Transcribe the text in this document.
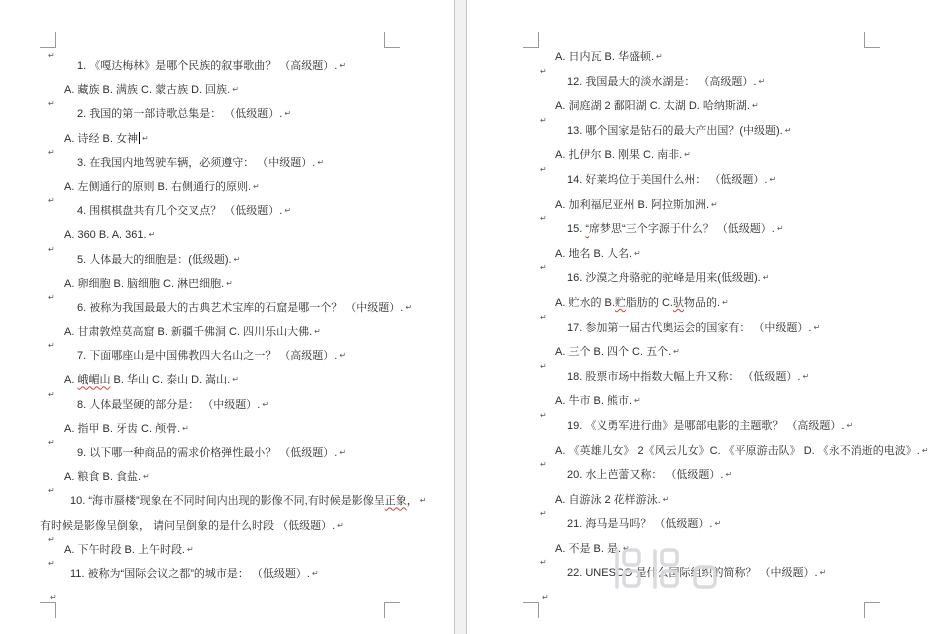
↵
1. 《嘎达梅林》是哪个民族的叙事歌曲？ （高级题）. ↵
A. 藏族 B. 满族 C. 蒙古族 D. 回族. ↵
↵
2. 我国的第一部诗歌总集是： （低级题）. ↵
A. 诗经 B. 女神 ↵
↵
3. 在我国内地驾驶车辆，必须遵守： （中级题）. ↵
A. 左侧通行的原则 B. 右侧通行的原则. ↵
↵
4. 围棋棋盘共有几个交叉点？ （低级题）. ↵
A. 360 B. A. 361. ↵
↵
5. 人体最大的细胞是：(低级题). ↵
A. 卵细胞 B. 脑细胞 C. 淋巴细胞. ↵
↵
6. 被称为我国最最大的古典艺术宝库的石窟是哪一个？ （中级题）. ↵
A. 甘肃敦煌莫高窟 B. 新疆千佛洞 C. 四川乐山大佛. ↵
↵
7. 下面哪座山是中国佛教四大名山之一？ （高级题）. ↵
A. 峨嵋山 B. 华山 C. 泰山 D. 嵩山. ↵
↵
8. 人体最坚硬的部分是： （中级题）. ↵
A. 指甲 B. 牙齿 C. 颅骨. ↵
↵
9. 以下哪一种商品的需求价格弹性最小？ （低级题）. ↵
A. 粮食 B. 食盐. ↵
↵
10. “海市蜃楼”现象在不同时间内出现的影像不同,有时候是影像呈正象， ↵
有时候是影像呈倒象， 请问呈倒象的是什么时段 （低级题）. ↵
↵
A. 下午时段 B. 上午时段. ↵
↵
11. 被称为“国际会议之都”的城市是： （低级题）. ↵
↵
A. 日内瓦 B. 华盛顿. ↵
↵
12. 我国最大的淡水湖是： （高级题）. ↵
A. 洞庭湖 2 鄱阳湖 C. 太湖 D. 哈纳斯湖. ↵
↵
13. 哪个国家是钻石的最大产出国？(中级题). ↵
A. 扎伊尔 B. 刚果 C. 南非. ↵
↵
14. 好莱坞位于美国什么州： （低级题）. ↵
A. 加利福尼亚州 B. 阿拉斯加洲. ↵
↵
15. “席梦思“三个字源于什么？ （低级题）. ↵
A. 地名 B. 人名. ↵
↵
16. 沙漠之舟骆驼的驼峰是用来(低级题). ↵
A. 贮水的 B.贮脂肪的 C.驮物品的. ↵
↵
17. 参加第一届古代奥运会的国家有： （中级题）. ↵
A. 三个 B. 四个 C. 五个. ↵
↵
18. 股票市场中指数大幅上升又称： （低级题）. ↵
A. 牛市 B. 熊市. ↵
↵
19. 《义勇军进行曲》是哪部电影的主题歌？ （高级题）. ↵
A. 《英雄儿女》 2《风云儿女》C. 《平原游击队》 D. 《永不消逝的电波》. ↵
↵
20. 水上芭蕾又称： （低级题）. ↵
A. 自游泳 2 花样游泳. ↵
↵
21. 海马是马吗？ （低级题）. ↵
A. 不是 B. 是. ↵
↵
22. UNESCO 是什么国际组织的简称？ （中级题）. ↵
↵
